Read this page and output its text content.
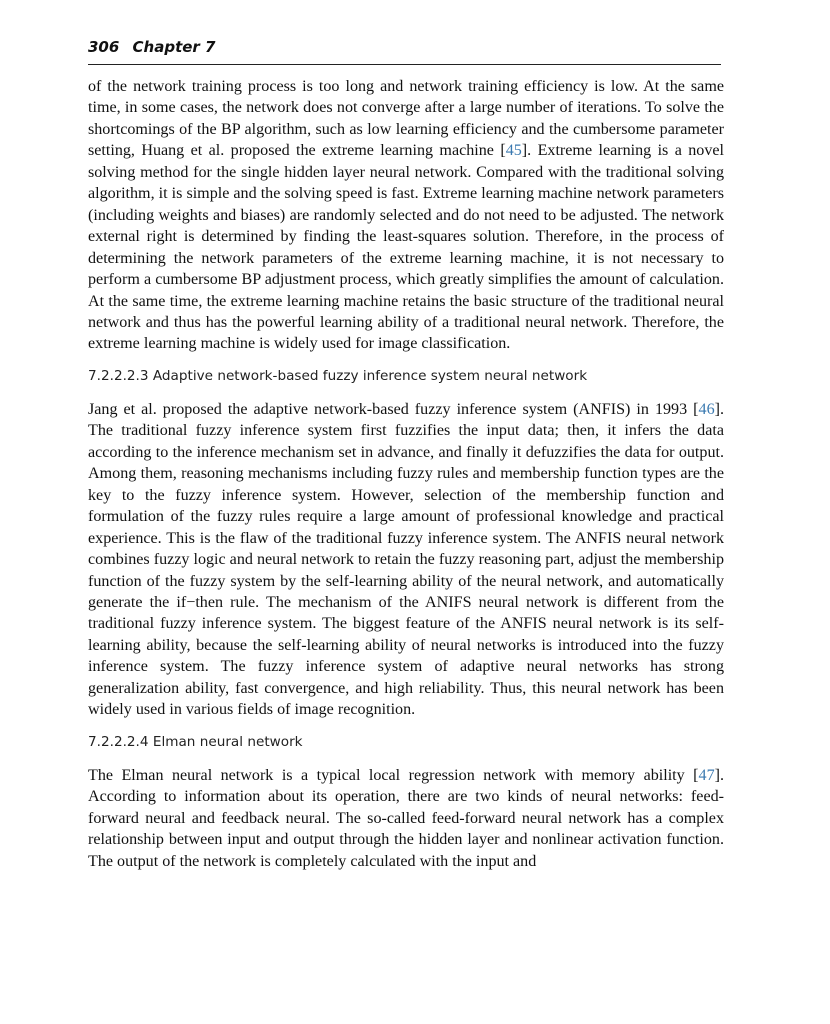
306 Chapter 7

of the network training process is too long and network training efficiency is low. At the same time, in some cases, the network does not converge after a large number of iterations. To solve the shortcomings of the BP algorithm, such as low learning efficiency and the cumbersome parameter setting, Huang et al. proposed the extreme learning machine [45]. Extreme learning is a novel solving method for the single hidden layer neural network. Compared with the traditional solving algorithm, it is simple and the solving speed is fast. Extreme learning machine network parameters (including weights and biases) are randomly selected and do not need to be adjusted. The network external right is determined by finding the least-squares solution. Therefore, in the process of determining the network parameters of the extreme learning machine, it is not necessary to perform a cumbersome BP adjustment process, which greatly simplifies the amount of calculation. At the same time, the extreme learning machine retains the basic structure of the traditional neural network and thus has the powerful learning ability of a traditional neural network. Therefore, the extreme learning machine is widely used for image classification.

7.2.2.2.3 Adaptive network-based fuzzy inference system neural network

Jang et al. proposed the adaptive network-based fuzzy inference system (ANFIS) in 1993 [46]. The traditional fuzzy inference system first fuzzifies the input data; then, it infers the data according to the inference mechanism set in advance, and finally it defuzzifies the data for output. Among them, reasoning mechanisms including fuzzy rules and membership function types are the key to the fuzzy inference system. However, selection of the membership function and formulation of the fuzzy rules require a large amount of professional knowledge and practical experience. This is the flaw of the traditional fuzzy inference system. The ANFIS neural network combines fuzzy logic and neural network to retain the fuzzy reasoning part, adjust the membership function of the fuzzy system by the self-learning ability of the neural network, and automatically generate the if−then rule. The mechanism of the ANIFS neural network is different from the traditional fuzzy inference system. The biggest feature of the ANFIS neural network is its self-learning ability, because the self-learning ability of neural networks is introduced into the fuzzy inference system. The fuzzy inference system of adaptive neural networks has strong generalization ability, fast convergence, and high reliability. Thus, this neural network has been widely used in various fields of image recognition.

7.2.2.2.4 Elman neural network

The Elman neural network is a typical local regression network with memory ability [47]. According to information about its operation, there are two kinds of neural networks: feed-forward neural and feedback neural. The so-called feed-forward neural network has a complex relationship between input and output through the hidden layer and nonlinear activation function. The output of the network is completely calculated with the input and
